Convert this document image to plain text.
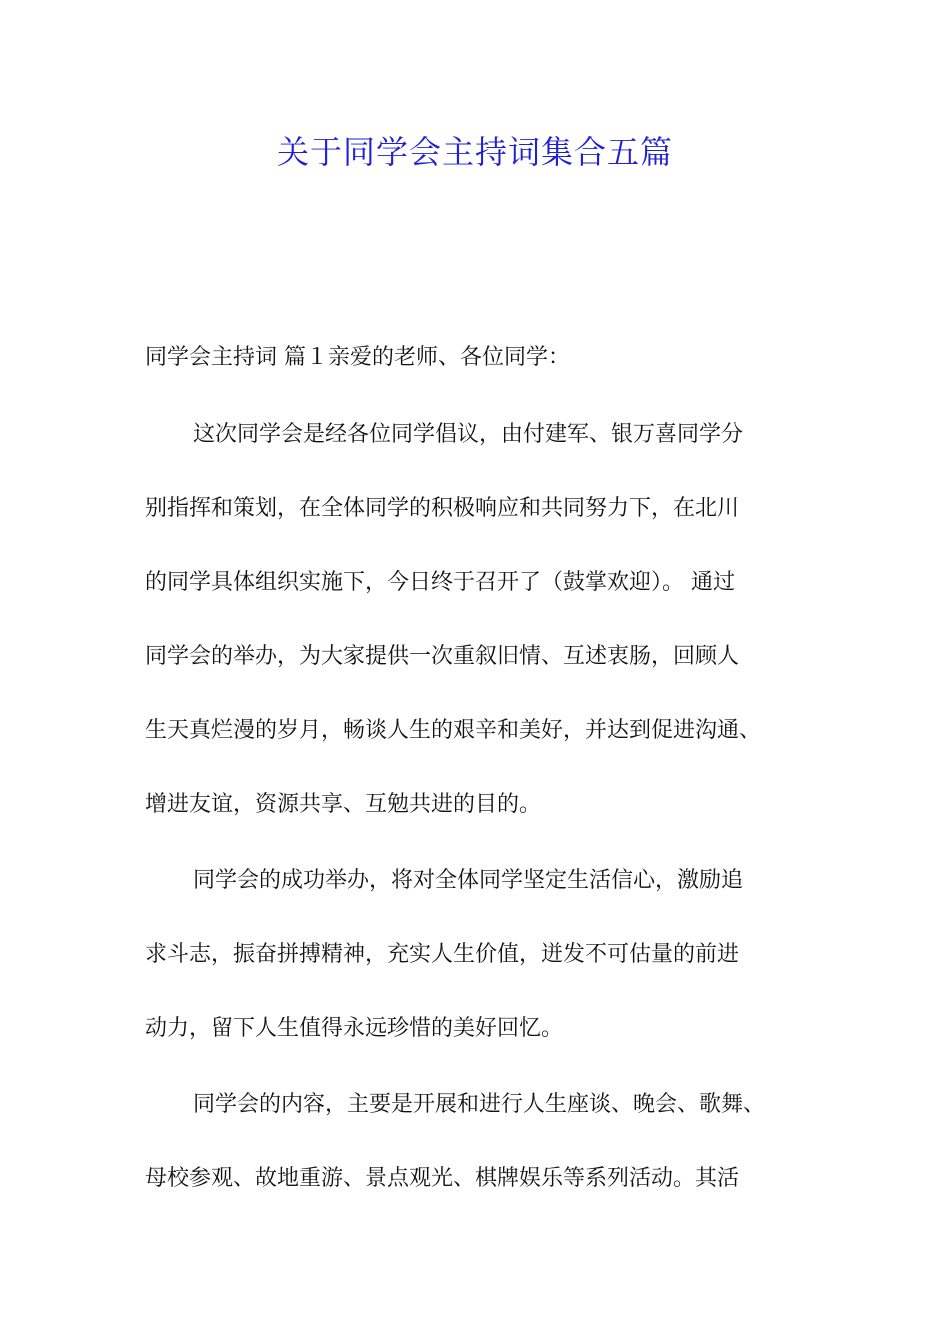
关于同学会主持词集合五篇
同学会主持词 篇１亲爱的老师、各位同学：
这次同学会是经各位同学倡议，由付建军、银万喜同学分
别指挥和策划，在全体同学的积极响应和共同努力下，在北川
的同学具体组织实施下，今日终于召开了（鼓掌欢迎）。 通过
同学会的举办，为大家提供一次重叙旧情、互述衷肠，回顾人
生天真烂漫的岁月，畅谈人生的艰辛和美好，并达到促进沟通、
增进友谊，资源共享、互勉共进的目的。
同学会的成功举办，将对全体同学坚定生活信心，激励追
求斗志，振奋拼搏精神，充实人生价值，迸发不可估量的前进
动力，留下人生值得永远珍惜的美好回忆。
同学会的内容，主要是开展和进行人生座谈、晚会、歌舞、
母校参观、故地重游、景点观光、棋牌娱乐等系列活动。其活
